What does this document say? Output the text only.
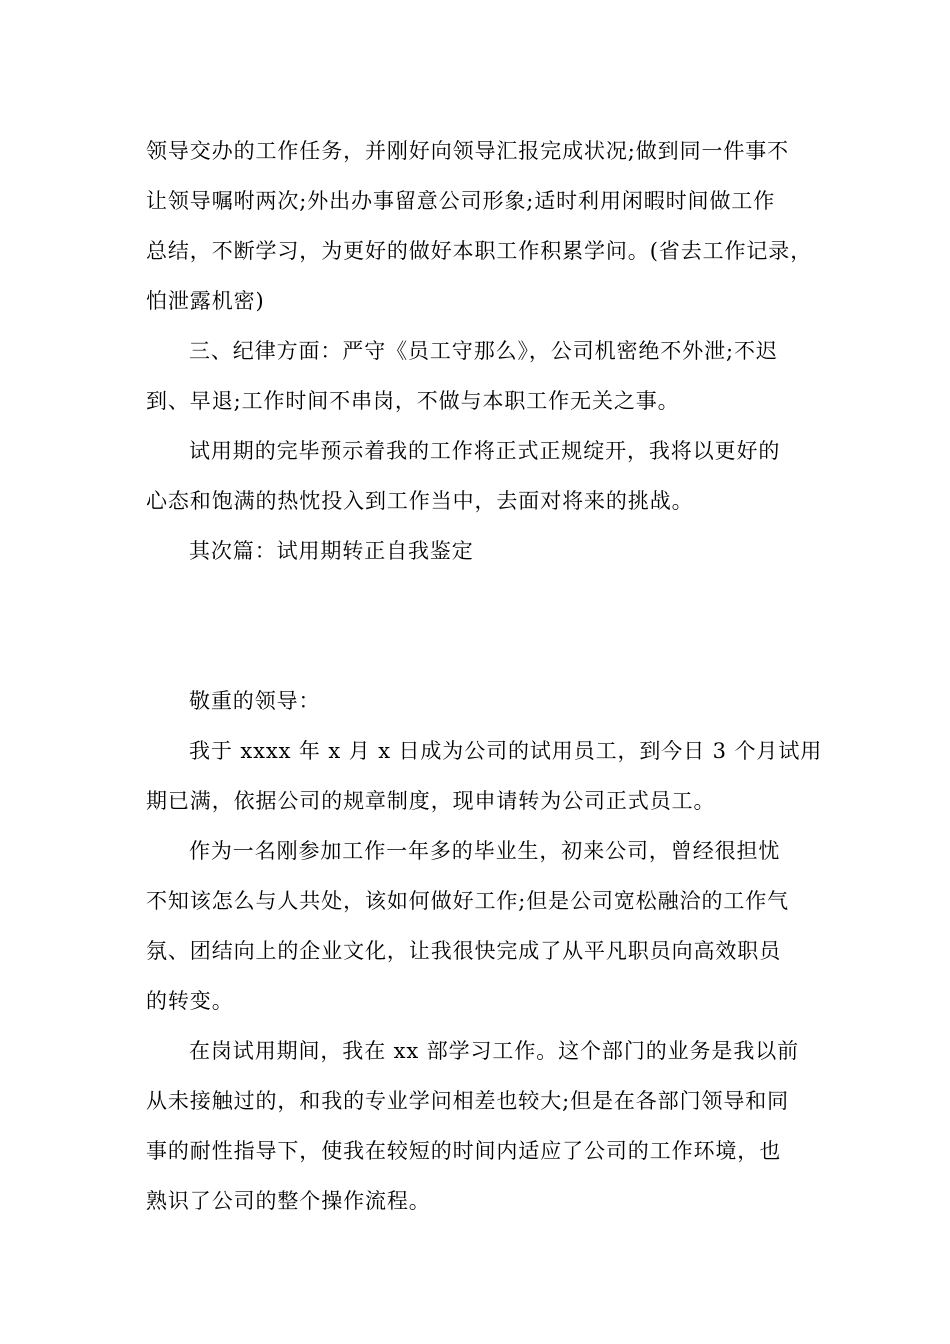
领导交办的工作任务，并刚好向领导汇报完成状况;做到同一件事不

让领导嘱咐两次;外出办事留意公司形象;适时利用闲暇时间做工作

总结，不断学习，为更好的做好本职工作积累学问。(省去工作记录，

怕泄露机密)

三、纪律方面：严守《员工守那么》，公司机密绝不外泄;不迟

到、早退;工作时间不串岗，不做与本职工作无关之事。

试用期的完毕预示着我的工作将正式正规绽开，我将以更好的

心态和饱满的热忱投入到工作当中，去面对将来的挑战。

其次篇：试用期转正自我鉴定

敬重的领导：

我于 xxxx 年 x 月 x 日成为公司的试用员工，到今日 3 个月试用

期已满，依据公司的规章制度，现申请转为公司正式员工。

作为一名刚参加工作一年多的毕业生，初来公司，曾经很担忧

不知该怎么与人共处，该如何做好工作;但是公司宽松融洽的工作气

氛、团结向上的企业文化，让我很快完成了从平凡职员向高效职员

的转变。

在岗试用期间，我在 xx 部学习工作。这个部门的业务是我以前

从未接触过的，和我的专业学问相差也较大;但是在各部门领导和同

事的耐性指导下，使我在较短的时间内适应了公司的工作环境，也

熟识了公司的整个操作流程。
